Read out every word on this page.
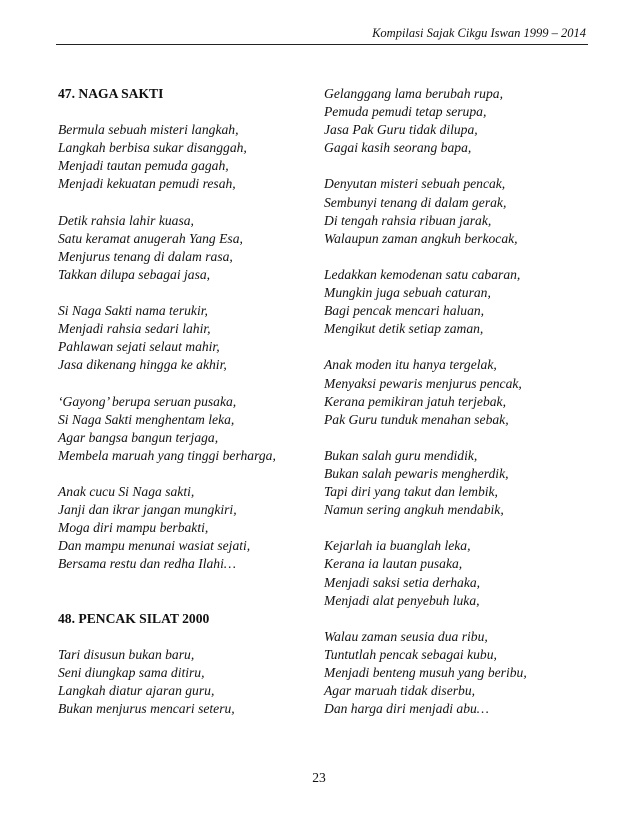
Kompilasi Sajak Cikgu Iswan 1999 – 2014
47. NAGA SAKTI
Bermula sebuah misteri langkah,
Langkah berbisa sukar disanggah,
Menjadi tautan pemuda gagah,
Menjadi kekuatan pemudi resah,
Detik rahsia lahir kuasa,
Satu keramat anugerah Yang Esa,
Menjurus tenang di dalam rasa,
Takkan dilupa sebagai jasa,
Si Naga Sakti nama terukir,
Menjadi rahsia sedari lahir,
Pahlawan sejati selaut mahir,
Jasa dikenang hingga ke akhir,
‘Gayong’ berupa seruan pusaka,
Si Naga Sakti menghentam leka,
Agar bangsa bangun terjaga,
Membela maruah yang tinggi berharga,
Anak cucu Si Naga sakti,
Janji dan ikrar jangan mungkiri,
Moga diri mampu berbakti,
Dan mampu menunai wasiat sejati,
Bersama restu dan redha Ilahi…
48. PENCAK SILAT 2000
Tari disusun bukan baru,
Seni diungkap sama ditiru,
Langkah diatur ajaran guru,
Bukan menjurus mencari seteru,
Gelanggang lama berubah rupa,
Pemuda pemudi tetap serupa,
Jasa Pak Guru tidak dilupa,
Gagai kasih seorang bapa,
Denyutan misteri sebuah pencak,
Sembunyi tenang di dalam gerak,
Di tengah rahsia ribuan jarak,
Walaupun zaman angkuh berkocak,
Ledakkan kemodenan satu cabaran,
Mungkin juga sebuah caturan,
Bagi pencak mencari haluan,
Mengikut detik setiap zaman,
Anak moden itu hanya tergelak,
Menyaksi pewaris menjurus pencak,
Kerana pemikiran jatuh terjebak,
Pak Guru tunduk menahan sebak,
Bukan salah guru mendidik,
Bukan salah pewaris mengherdik,
Tapi diri yang takut dan lembik,
Namun sering angkuh mendabik,
Kejarlah ia buanglah leka,
Kerana ia lautan pusaka,
Menjadi saksi setia derhaka,
Menjadi alat penyebuh luka,
Walau zaman seusia dua ribu,
Tuntutlah pencak sebagai kubu,
Menjadi benteng musuh yang beribu,
Agar maruah tidak diserbu,
Dan harga diri menjadi abu…
23
